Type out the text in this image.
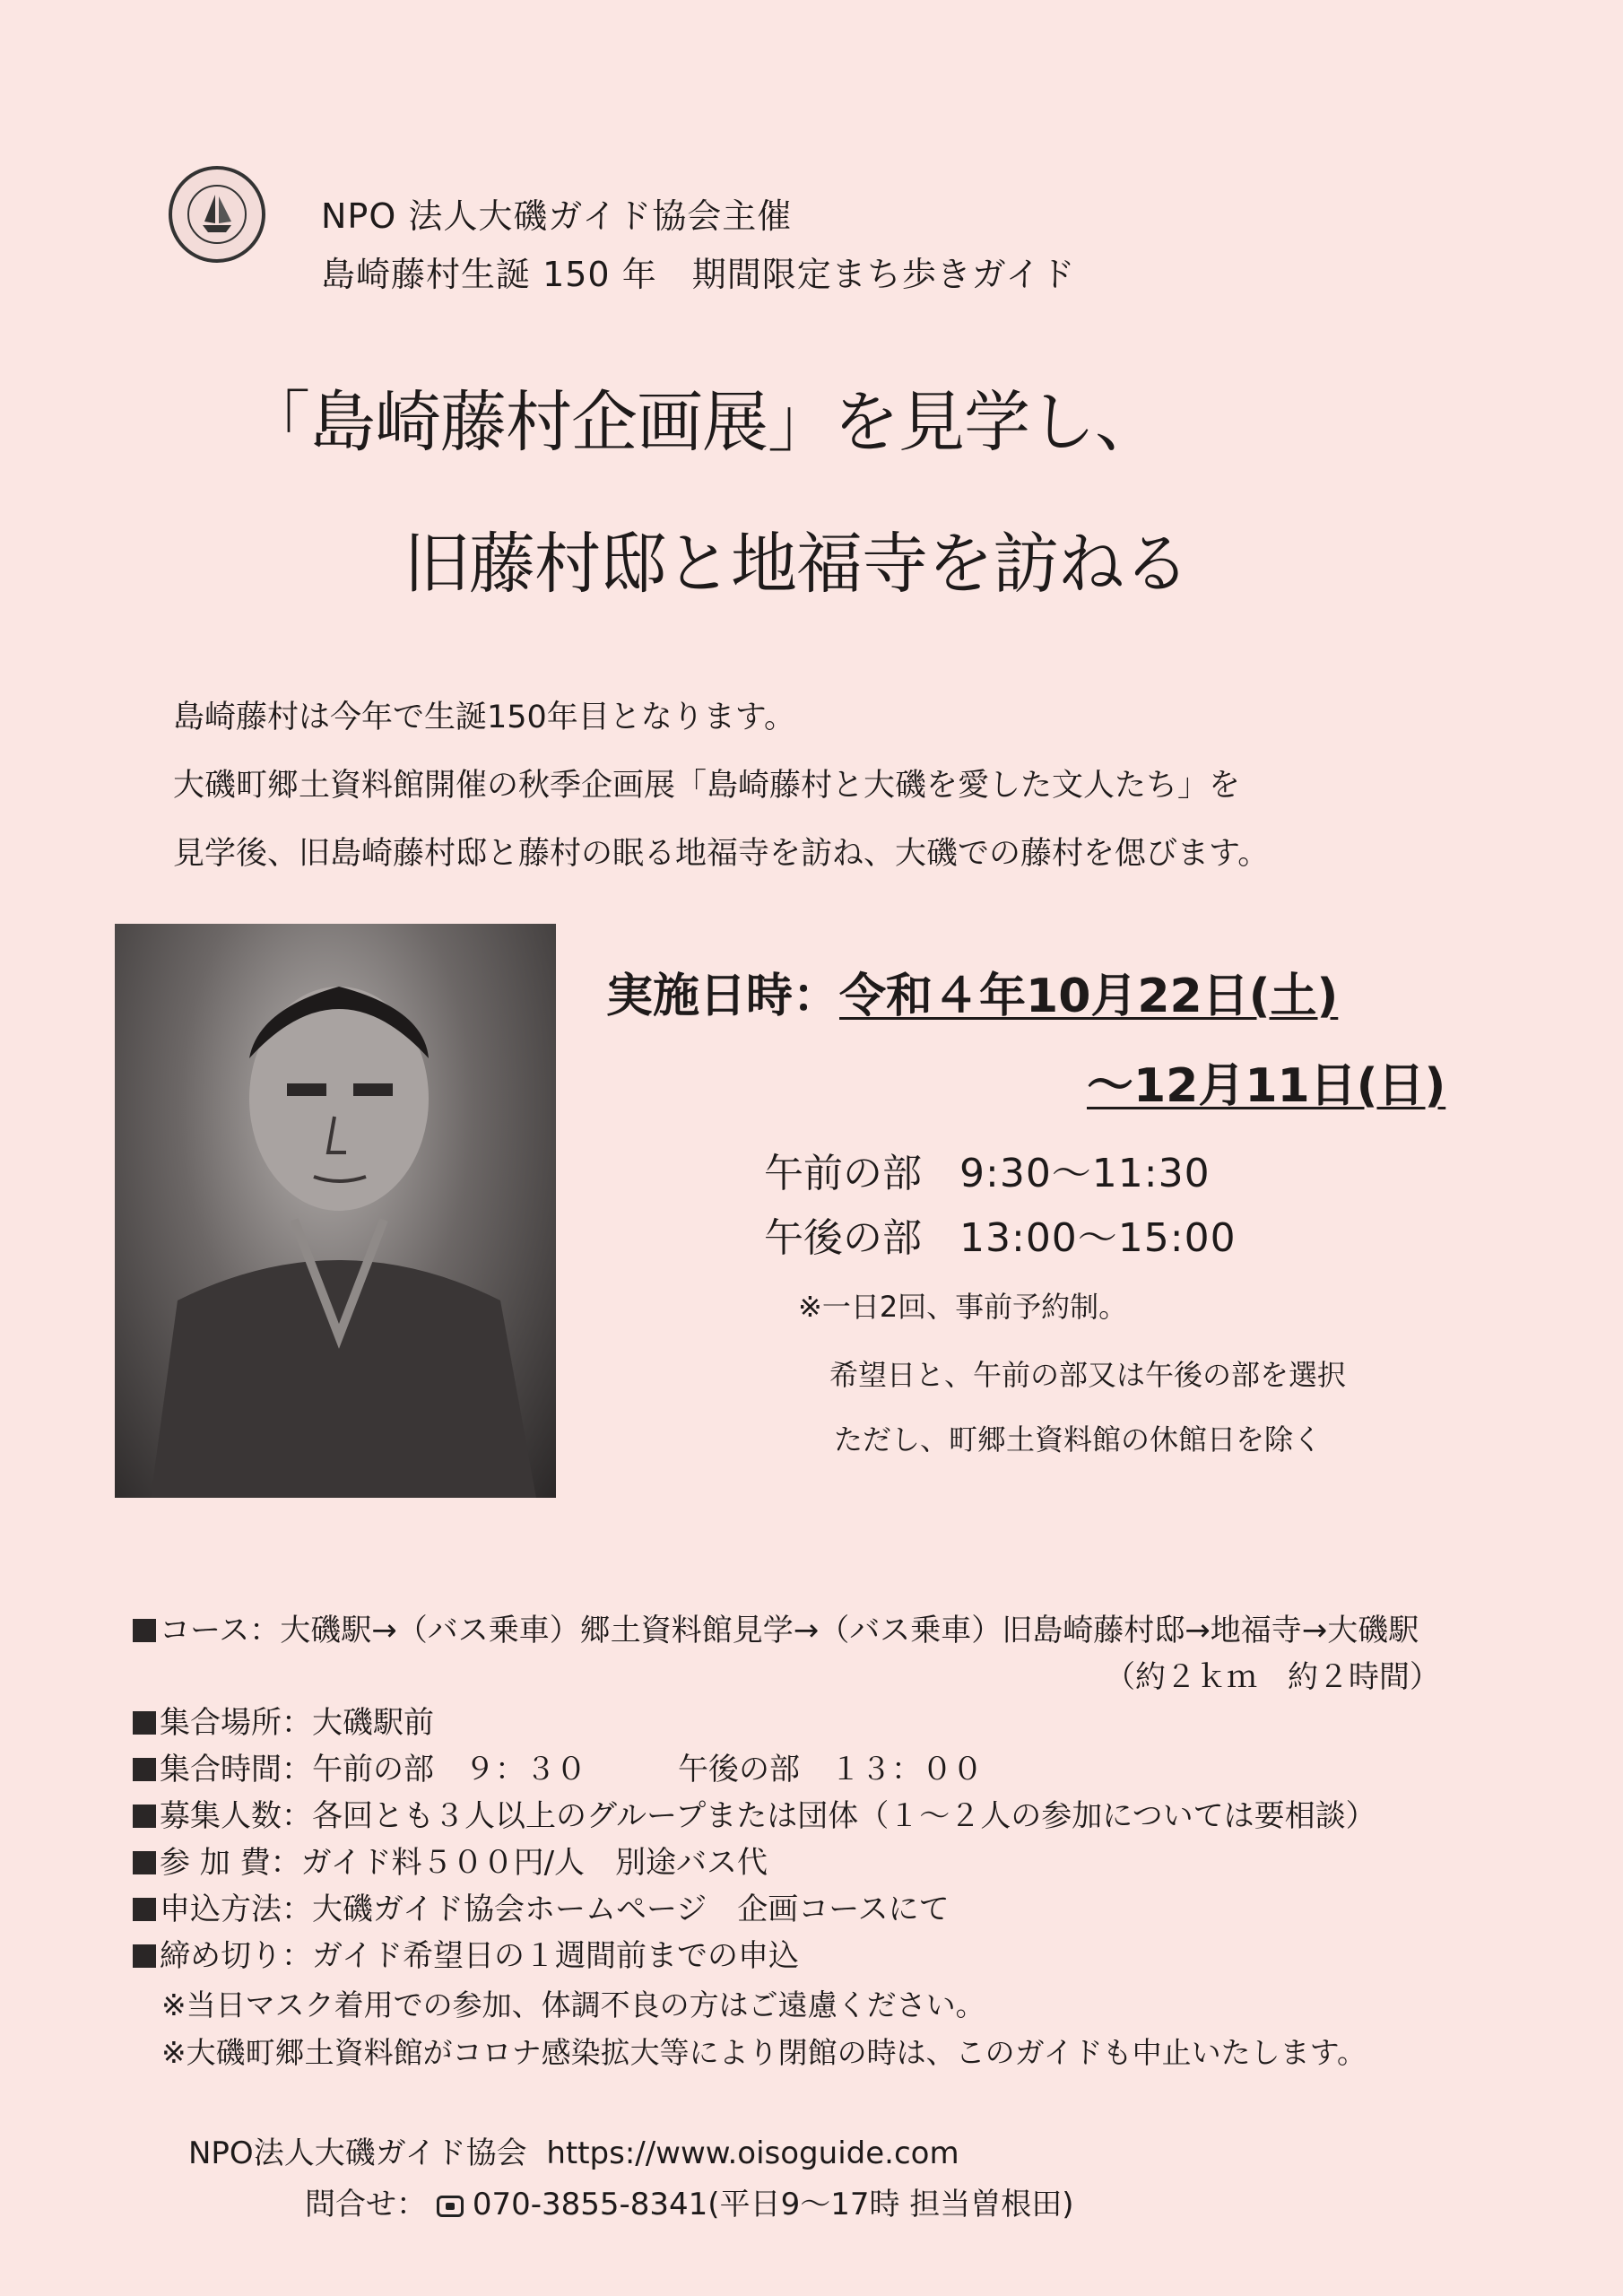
NPO 法人大磯ガイド協会主催
島崎藤村生誕 150 年　期間限定まち歩きガイド
「島崎藤村企画展」を見学し、
旧藤村邸と地福寺を訪ねる
島崎藤村は今年で生誕150年目となります。
大磯町郷土資料館開催の秋季企画展「島崎藤村と大磯を愛した文人たち」を
見学後、旧島崎藤村邸と藤村の眠る地福寺を訪ね、大磯での藤村を偲びます。
実施日時：令和４年10月22日(土)
～12月11日(日)
午前の部 9:30～11:30
午後の部 13:00～15:00
※一日2回、事前予約制。
希望日と、午前の部又は午後の部を選択
ただし、町郷土資料館の休館日を除く
コース：大磯駅→（バス乗車）郷土資料館見学→（バス乗車）旧島崎藤村邸→地福寺→大磯駅
（約２ｋｍ　約２時間）
集合場所：大磯駅前
集合時間：午前の部　９：３０　　　午後の部　１３：００
募集人数：各回とも３人以上のグループまたは団体（１～２人の参加については要相談）
参 加 費：ガイド料５００円/人　別途バス代
申込方法：大磯ガイド協会ホームページ　企画コースにて
締め切り：ガイド希望日の１週間前までの申込
※当日マスク着用での参加、体調不良の方はご遠慮ください。
※大磯町郷土資料館がコロナ感染拡大等により閉館の時は、このガイドも中止いたします。
NPO法人大磯ガイド協会 https://www.oisoguide.com
問合せ： 070-3855-8341(平日9～17時 担当曽根田)
